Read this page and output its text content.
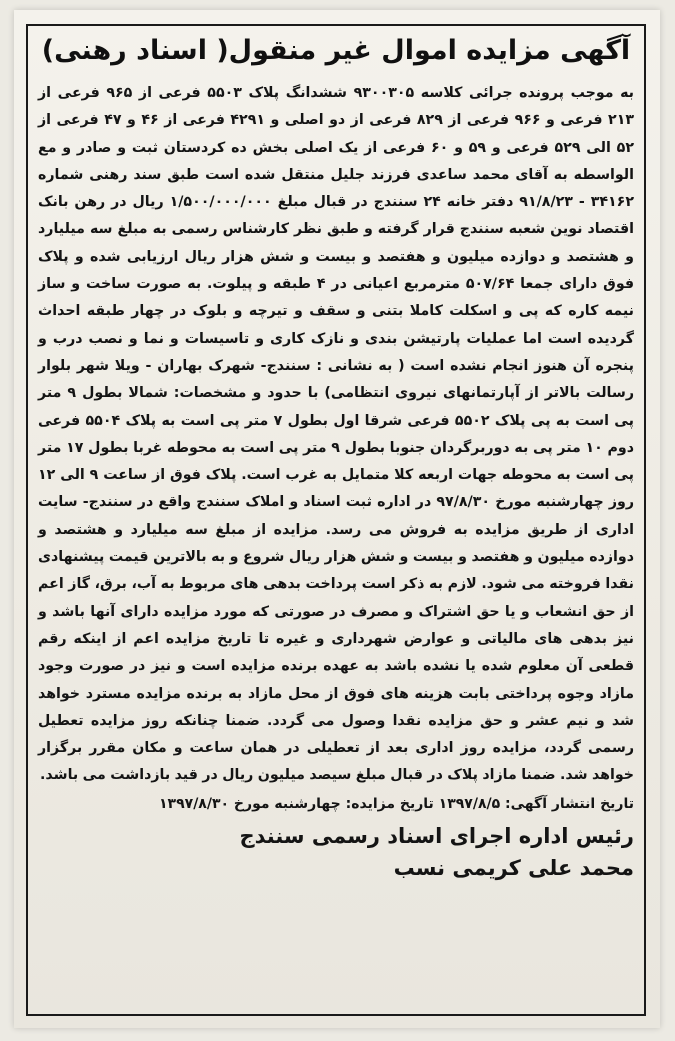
آگهی مزایده اموال غیر منقول( اسناد رهنی)

به موجب پرونده جرائی کلاسه ۹۳۰۰۳۰۵ ششدانگ پلاک ۵۵۰۳ فرعی از ۹۶۵ فرعی از ۲۱۳ فرعی و ۹۶۶ فرعی از ۸۲۹ فرعی از دو اصلی و ۴۲۹۱ فرعی از ۴۶ و ۴۷ فرعی از ۵۲ الی ۵۲۹ فرعی و ۵۹ و ۶۰ فرعی از یک اصلی بخش ده کردستان ثبت و صادر و مع الواسطه به آقای محمد ساعدی فرزند جلیل منتقل شده است طبق سند رهنی شماره ۳۴۱۶۲ - ۹۱/۸/۲۳ دفتر خانه ۲۴ سنندج در قبال مبلغ ۱/۵۰۰/۰۰۰/۰۰۰ ریال در رهن بانک اقتصاد نوین شعبه سنندج قرار گرفته و طبق نظر کارشناس رسمی به مبلغ سه میلیارد و هشتصد و دوازده میلیون و هفتصد و بیست و شش هزار ریال ارزیابی شده و پلاک فوق دارای جمعا ۵۰۷/۶۴ مترمربع اعیانی در ۴ طبقه و پیلوت. به صورت ساخت و ساز نیمه کاره که پی و اسکلت کاملا بتنی و سقف و تیرچه و بلوک در چهار طبقه احداث گردیده است اما عملیات پارتیشن بندی و نازک کاری و تاسیسات و نما و نصب درب و پنجره آن هنوز انجام نشده است ( به نشانی : سنندج- شهرک بهاران - ویلا شهر بلوار رسالت بالاتر از آپارتمانهای نیروی انتظامی) با حدود و مشخصات: شمالا بطول ۹ متر پی است به پی پلاک ۵۵۰۲ فرعی شرقا اول بطول ۷ متر پی است به پلاک ۵۵۰۴ فرعی دوم ۱۰ متر پی به دوربرگردان جنوبا بطول ۹ متر پی است به محوطه غربا بطول ۱۷ متر پی است به محوطه جهات اربعه کلا متمایل به غرب است. پلاک فوق از ساعت ۹ الی ۱۲ روز چهارشنبه مورخ ۹۷/۸/۳۰ در اداره ثبت اسناد و املاک سنندج واقع در سنندج- سایت اداری از طریق مزایده به فروش می رسد. مزایده از مبلغ سه میلیارد و هشتصد و دوازده میلیون و هفتصد و بیست و شش هزار ریال شروع و به بالاترین قیمت پیشنهادی نقدا فروخته می شود. لازم به ذکر است پرداخت بدهی های مربوط به آب، برق، گاز اعم از حق انشعاب و یا حق اشتراک و مصرف در صورتی که مورد مزایده دارای آنها باشد و نیز بدهی های مالیاتی و عوارض شهرداری و غیره تا تاریخ مزایده اعم از اینکه رقم قطعی آن معلوم شده یا نشده باشد به عهده برنده مزایده است و نیز در صورت وجود مازاد وجوه پرداختی بابت هزینه های فوق از محل مازاد به برنده مزایده مسترد خواهد شد و نیم عشر و حق مزایده نقدا وصول می گردد. ضمنا چنانکه روز مزایده تعطیل رسمی گردد، مزایده روز اداری بعد از تعطیلی در همان ساعت و مکان مقرر برگزار خواهد شد. ضمنا مازاد پلاک در قبال مبلغ سیصد میلیون ریال در قید بازداشت می باشد.

تاریخ انتشار آگهی: ۱۳۹۷/۸/۵ تاریخ مزایده: چهارشنبه مورخ ۱۳۹۷/۸/۳۰
رئیس اداره اجرای اسناد رسمی سنندج
محمد علی کریمی نسب
